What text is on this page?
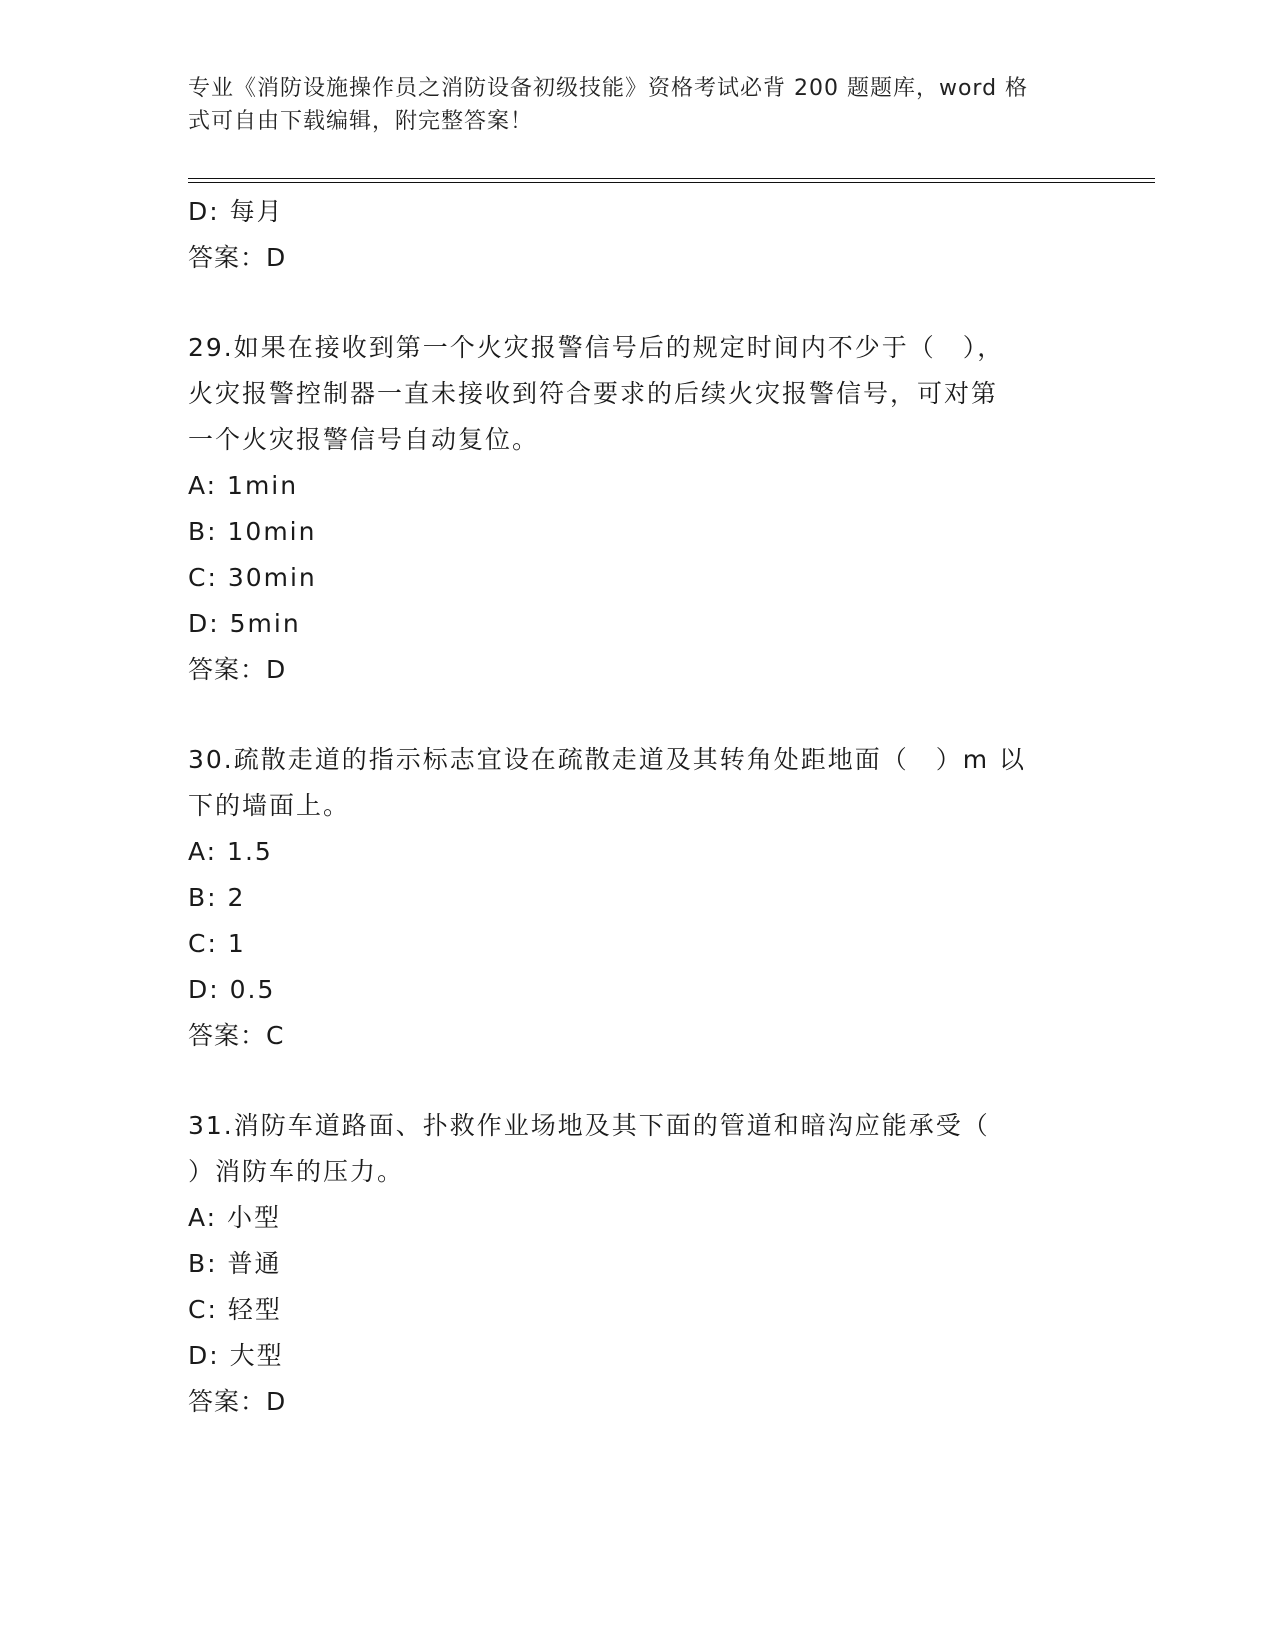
专业《消防设施操作员之消防设备初级技能》资格考试必背 200 题题库，word 格
式可自由下载编辑，附完整答案！
D: 每月
答案：D
29.如果在接收到第一个火灾报警信号后的规定时间内不少于（　），
火灾报警控制器一直未接收到符合要求的后续火灾报警信号，可对第
一个火灾报警信号自动复位。
A: 1min
B: 10min
C: 30min
D: 5min
答案：D
30.疏散走道的指示标志宜设在疏散走道及其转角处距地面（　）m 以
下的墙面上。
A: 1.5
B: 2
C: 1
D: 0.5
答案：C
31.消防车道路面、扑救作业场地及其下面的管道和暗沟应能承受（
）消防车的压力。
A: 小型
B: 普通
C: 轻型
D: 大型
答案：D
